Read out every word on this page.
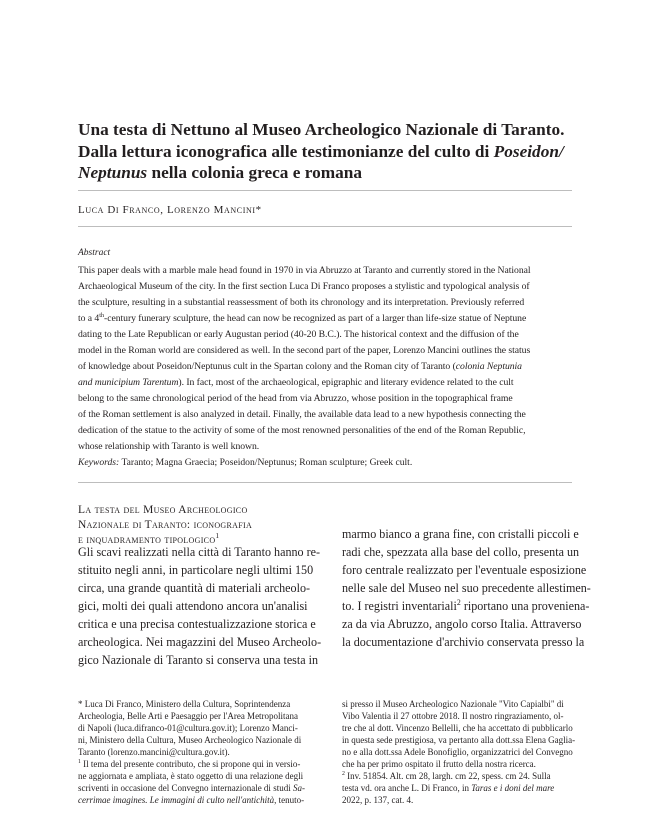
Una testa di Nettuno al Museo Archeologico Nazionale di Taranto.

Dalla lettura iconografica alle testimonianze del culto di Poseidon/

Neptunus nella colonia greca e romana

Luca Di Franco, Lorenzo Mancini*
Abstract

This paper deals with a marble male head found in 1970 in via Abruzzo at Taranto and currently stored in the National

Archaeological Museum of the city. In the first section Luca Di Franco proposes a stylistic and typological analysis of

the sculpture, resulting in a substantial reassessment of both its chronology and its interpretation. Previously referred

to a 4th-century funerary sculpture, the head can now be recognized as part of a larger than life-size statue of Neptune

dating to the Late Republican or early Augustan period (40-20 B.C.). The historical context and the diffusion of the

model in the Roman world are considered as well. In the second part of the paper, Lorenzo Mancini outlines the status

of knowledge about Poseidon/Neptunus cult in the Spartan colony and the Roman city of Taranto (colonia Neptunia

and municipium Tarentum). In fact, most of the archaeological, epigraphic and literary evidence related to the cult

belong to the same chronological period of the head from via Abruzzo, whose position in the topographical frame

of the Roman settlement is also analyzed in detail. Finally, the available data lead to a new hypothesis connecting the

dedication of the statue to the activity of some of the most renowned personalities of the end of the Roman Republic,

whose relationship with Taranto is well known.

Keywords: Taranto; Magna Graecia; Poseidon/Neptunus; Roman sculpture; Greek cult.

La testa del Museo Archeologico

Nazionale di Taranto: iconografia

e inquadramento tipologico$^1$

Gli scavi realizzati nella città di Taranto hanno re-

stituito negli anni, in particolare negli ultimi 150

circa, una grande quantità di materiali archeolo-

gici, molti dei quali attendono ancora un'analisi

critica e una precisa contestualizzazione storica e

archeologica. Nei magazzini del Museo Archeolo-

gico Nazionale di Taranto si conserva una testa in

marmo bianco a grana fine, con cristalli piccoli e

radi che, spezzata alla base del collo, presenta un

foro centrale realizzato per l'eventuale esposizione

nelle sale del Museo nel suo precedente allestimen-

to. I registri inventariali$^2$ riportano una proveniena-

za da via Abruzzo, angolo corso Italia. Attraverso

la documentazione d'archivio conservata presso la

* Luca Di Franco, Ministero della Cultura, Soprintendenza

Archeologia, Belle Arti e Paesaggio per l'Area Metropolitana

di Napoli (luca.difranco-01@cultura.gov.it); Lorenzo Manci-

ni, Ministero della Cultura, Museo Archeologico Nazionale di

Taranto (lorenzo.mancini@cultura.gov.it).

$^1$ Il tema del presente contributo, che si propone qui in versio-

ne aggiornata e ampliata, è stato oggetto di una relazione degli

scriventi in occasione del Convegno internazionale di studi Sa-

cerrimae imagines. Le immagini di culto nell'antichità, tenuto-

si presso il Museo Archeologico Nazionale "Vito Capialbi" di

Vibo Valentia il 27 ottobre 2018. Il nostro ringraziamento, ol-

tre che al dott. Vincenzo Bellelli, che ha accettato di pubblicarlo

in questa sede prestigiosa, va pertanto alla dott.ssa Elena Gaglia-

no e alla dott.ssa Adele Bonofiglio, organizzatrici del Convegno

che ha per primo ospitato il frutto della nostra ricerca.

$^2$ Inv. 51854. Alt. cm 28, largh. cm 22, spess. cm 24. Sulla

testa vd. ora anche L. Di Franco, in Taras e i doni del mare

2022, p. 137, cat. 4.
